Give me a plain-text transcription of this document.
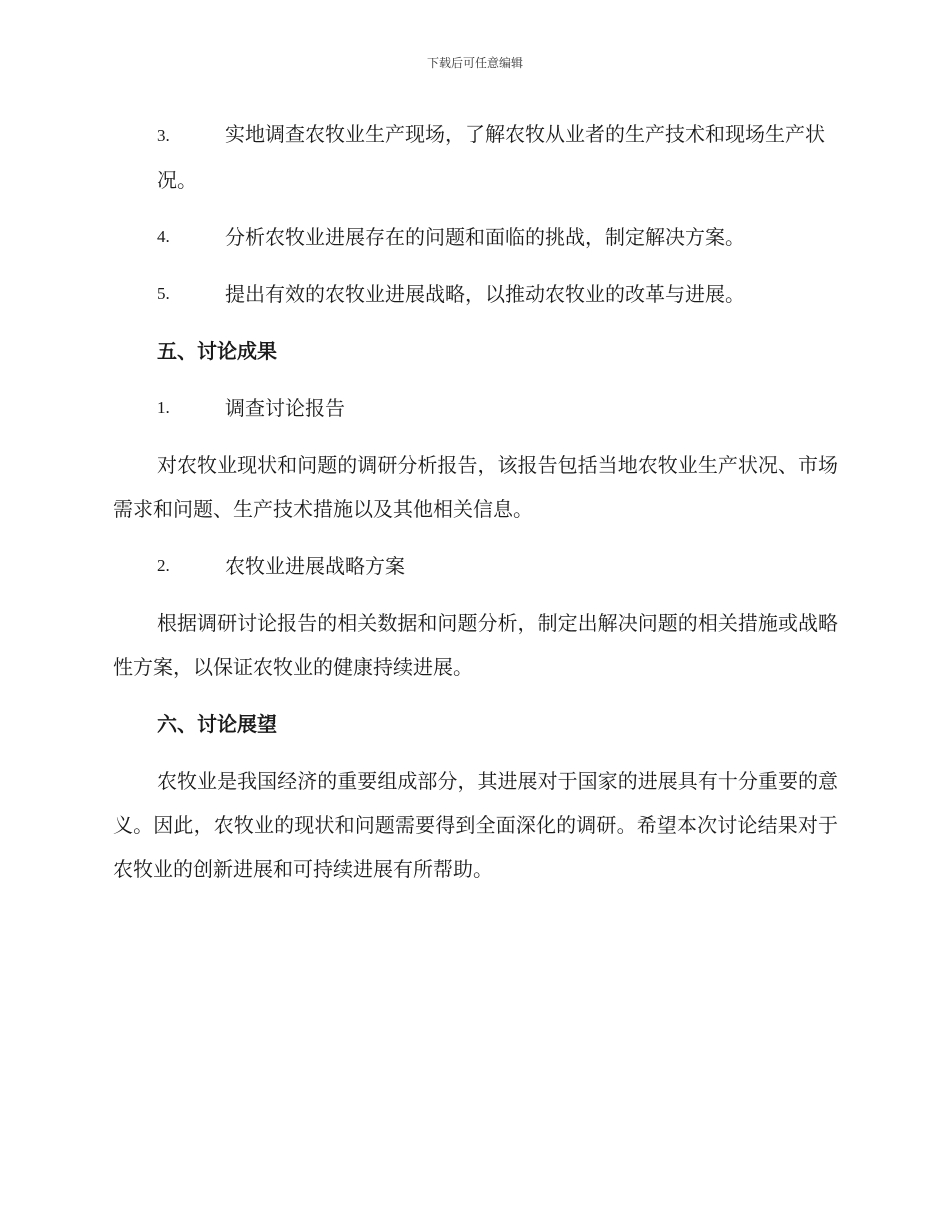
下载后可任意编辑
3.	实地调查农牧业生产现场，了解农牧从业者的生产技术和现场生产状况。
4.	分析农牧业进展存在的问题和面临的挑战，制定解决方案。
5.	提出有效的农牧业进展战略，以推动农牧业的改革与进展。
五、讨论成果
1.	调查讨论报告
对农牧业现状和问题的调研分析报告，该报告包括当地农牧业生产状况、市场需求和问题、生产技术措施以及其他相关信息。
2.	农牧业进展战略方案
根据调研讨论报告的相关数据和问题分析，制定出解决问题的相关措施或战略性方案，以保证农牧业的健康持续进展。
六、讨论展望
农牧业是我国经济的重要组成部分，其进展对于国家的进展具有十分重要的意义。因此，农牧业的现状和问题需要得到全面深化的调研。希望本次讨论结果对于农牧业的创新进展和可持续进展有所帮助。
